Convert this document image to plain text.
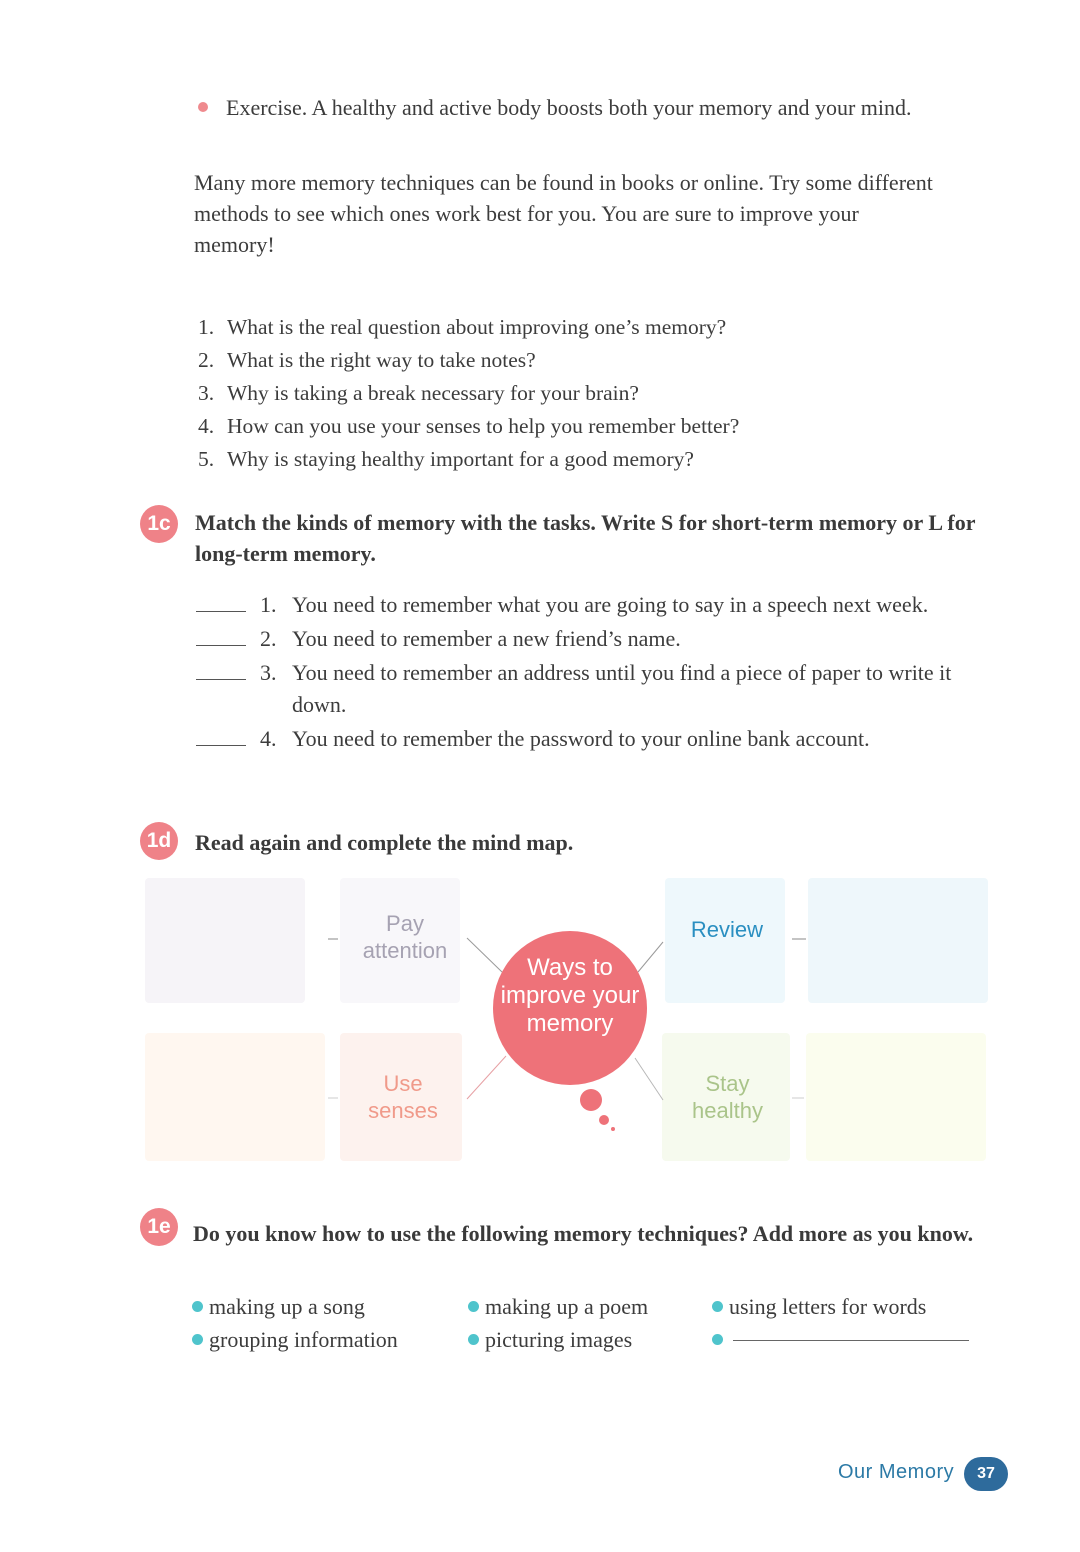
Exercise. A healthy and active body boosts both your memory and your mind.
Many more memory techniques can be found in books or online. Try some different methods to see which ones work best for you. You are sure to improve your memory!
1. What is the real question about improving one’s memory?
2. What is the right way to take notes?
3. Why is taking a break necessary for your brain?
4. How can you use your senses to help you remember better?
5. Why is staying healthy important for a good memory?
1c	Match the kinds of memory with the tasks. Write S for short-term memory or L for long-term memory.
1. You need to remember what you are going to say in a speech next week.
2. You need to remember a new friend’s name.
3. You need to remember an address until you find a piece of paper to write it down.
4. You need to remember the password to your online bank account.
1d	Read again and complete the mind map.
Ways to improve your memory
Pay attention
Review
Use senses
Stay healthy
1e	Do you know how to use the following memory techniques? Add more as you know.
making up a song	making up a poem	using letters for words
grouping information	picturing images
Our Memory	37
